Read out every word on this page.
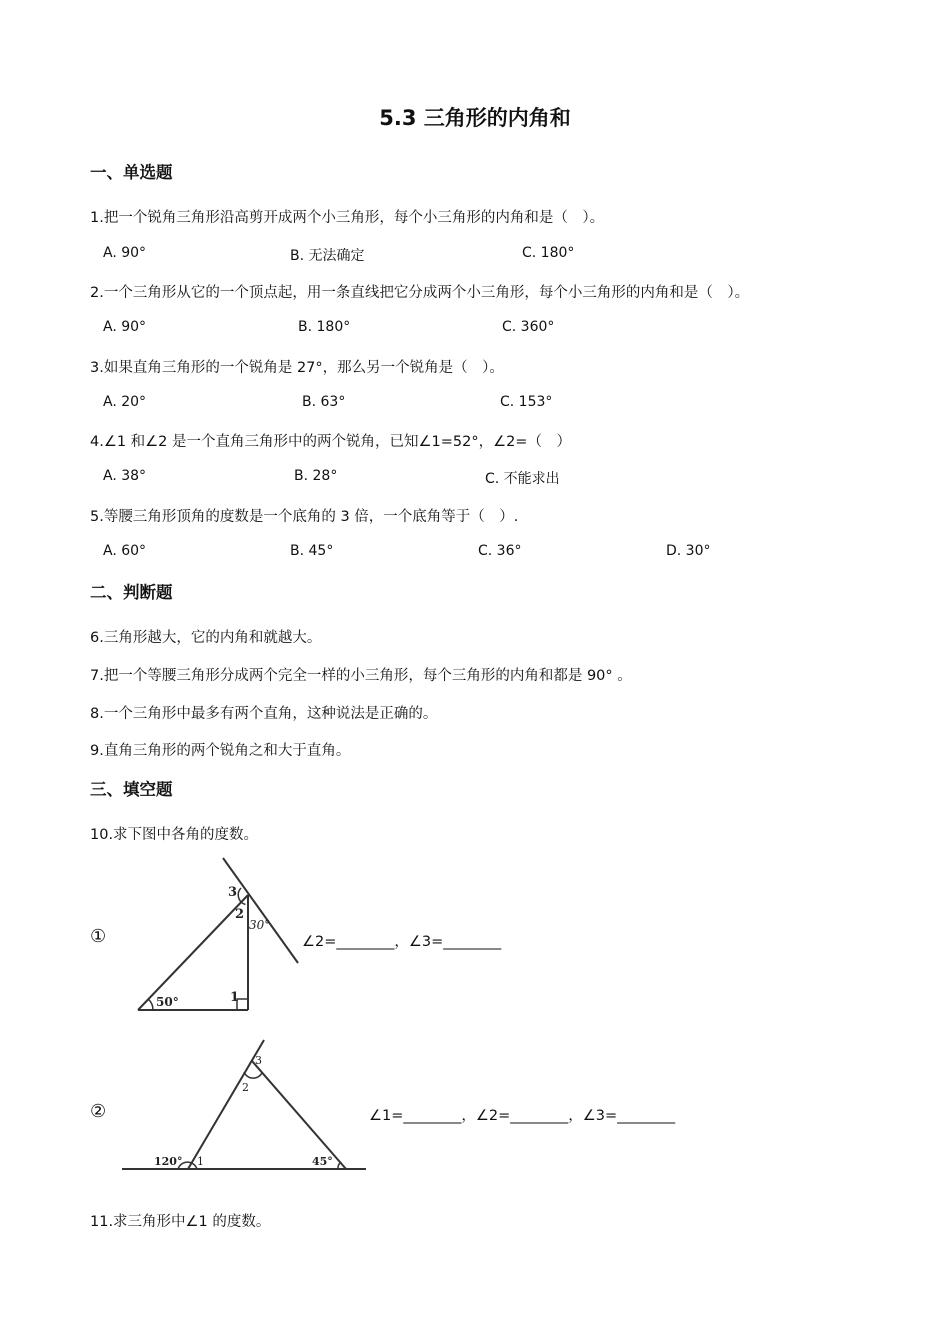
5.3 三角形的内角和
一、单选题
1.把一个锐角三角形沿高剪开成两个小三角形，每个小三角形的内角和是（　）。
A. 90°	B. 无法确定	C. 180°
2.一个三角形从它的一个顶点起，用一条直线把它分成两个小三角形，每个小三角形的内角和是（　）。
A. 90°	B. 180°	C. 360°
3.如果直角三角形的一个锐角是 27°，那么另一个锐角是（　）。
A. 20°	B. 63°	C. 153°
4.∠1 和∠2 是一个直角三角形中的两个锐角，已知∠1=52°，∠2=（　）
A. 38°	B. 28°	C. 不能求出
5.等腰三角形顶角的度数是一个底角的 3 倍，一个底角等于（　）.
A. 60°	B. 45°	C. 36°	D. 30°
二、判断题
6.三角形越大，它的内角和就越大。
7.把一个等腰三角形分成两个完全一样的小三角形，每个三角形的内角和都是 90° 。
8.一个三角形中最多有两个直角，这种说法是正确的。
9.直角三角形的两个锐角之和大于直角。
三、填空题
10.求下图中各角的度数。
①
3
2
30°
50°	1
∠2=________，∠3=________
②
3
2
120° 1	45°
∠1=________，∠2=________，∠3=________
11.求三角形中∠1 的度数。
